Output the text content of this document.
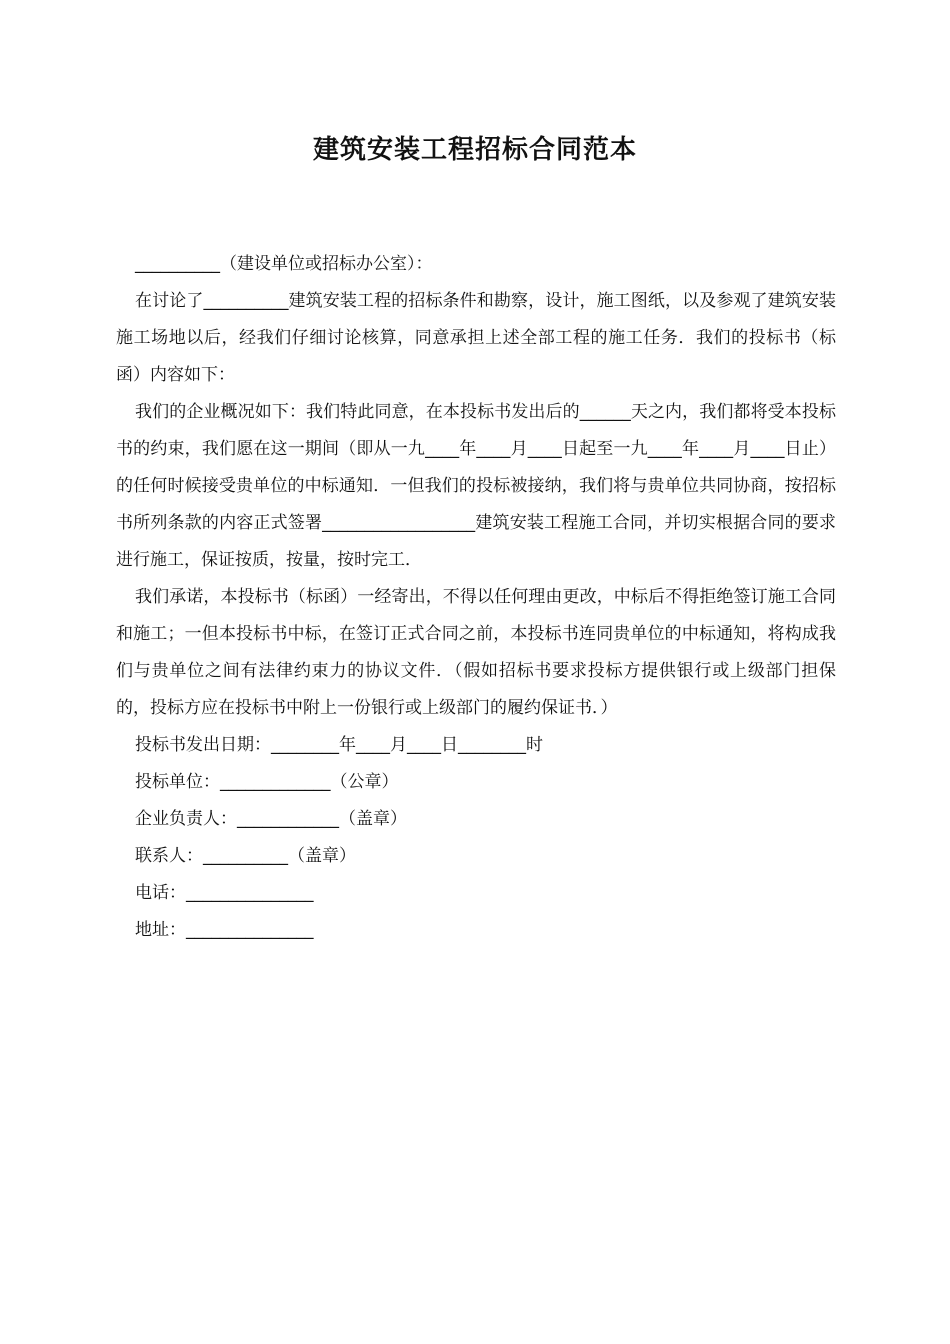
建筑安装工程招标合同范本

__________（建设单位或招标办公室）：

在讨论了__________建筑安装工程的招标条件和勘察，设计，施工图纸，以及参观了建筑安装施工场地以后，经我们仔细讨论核算，同意承担上述全部工程的施工任务．我们的投标书（标函）内容如下：

我们的企业概况如下：我们特此同意，在本投标书发出后的______天之内，我们都将受本投标书的约束，我们愿在这一期间（即从一九____年____月____日起至一九____年____月____日止）的任何时候接受贵单位的中标通知．一但我们的投标被接纳，我们将与贵单位共同协商，按招标书所列条款的内容正式签署__________________建筑安装工程施工合同，并切实根据合同的要求进行施工，保证按质，按量，按时完工．

我们承诺，本投标书（标函）一经寄出，不得以任何理由更改，中标后不得拒绝签订施工合同和施工；一但本投标书中标，在签订正式合同之前，本投标书连同贵单位的中标通知，将构成我们与贵单位之间有法律约束力的协议文件．（假如招标书要求投标方提供银行或上级部门担保的，投标方应在投标书中附上一份银行或上级部门的履约保证书．）

投标书发出日期：________年____月____日________时

投标单位：_____________（公章）

企业负责人：____________（盖章）

联系人：__________（盖章）

电话：_______________

地址：_______________
